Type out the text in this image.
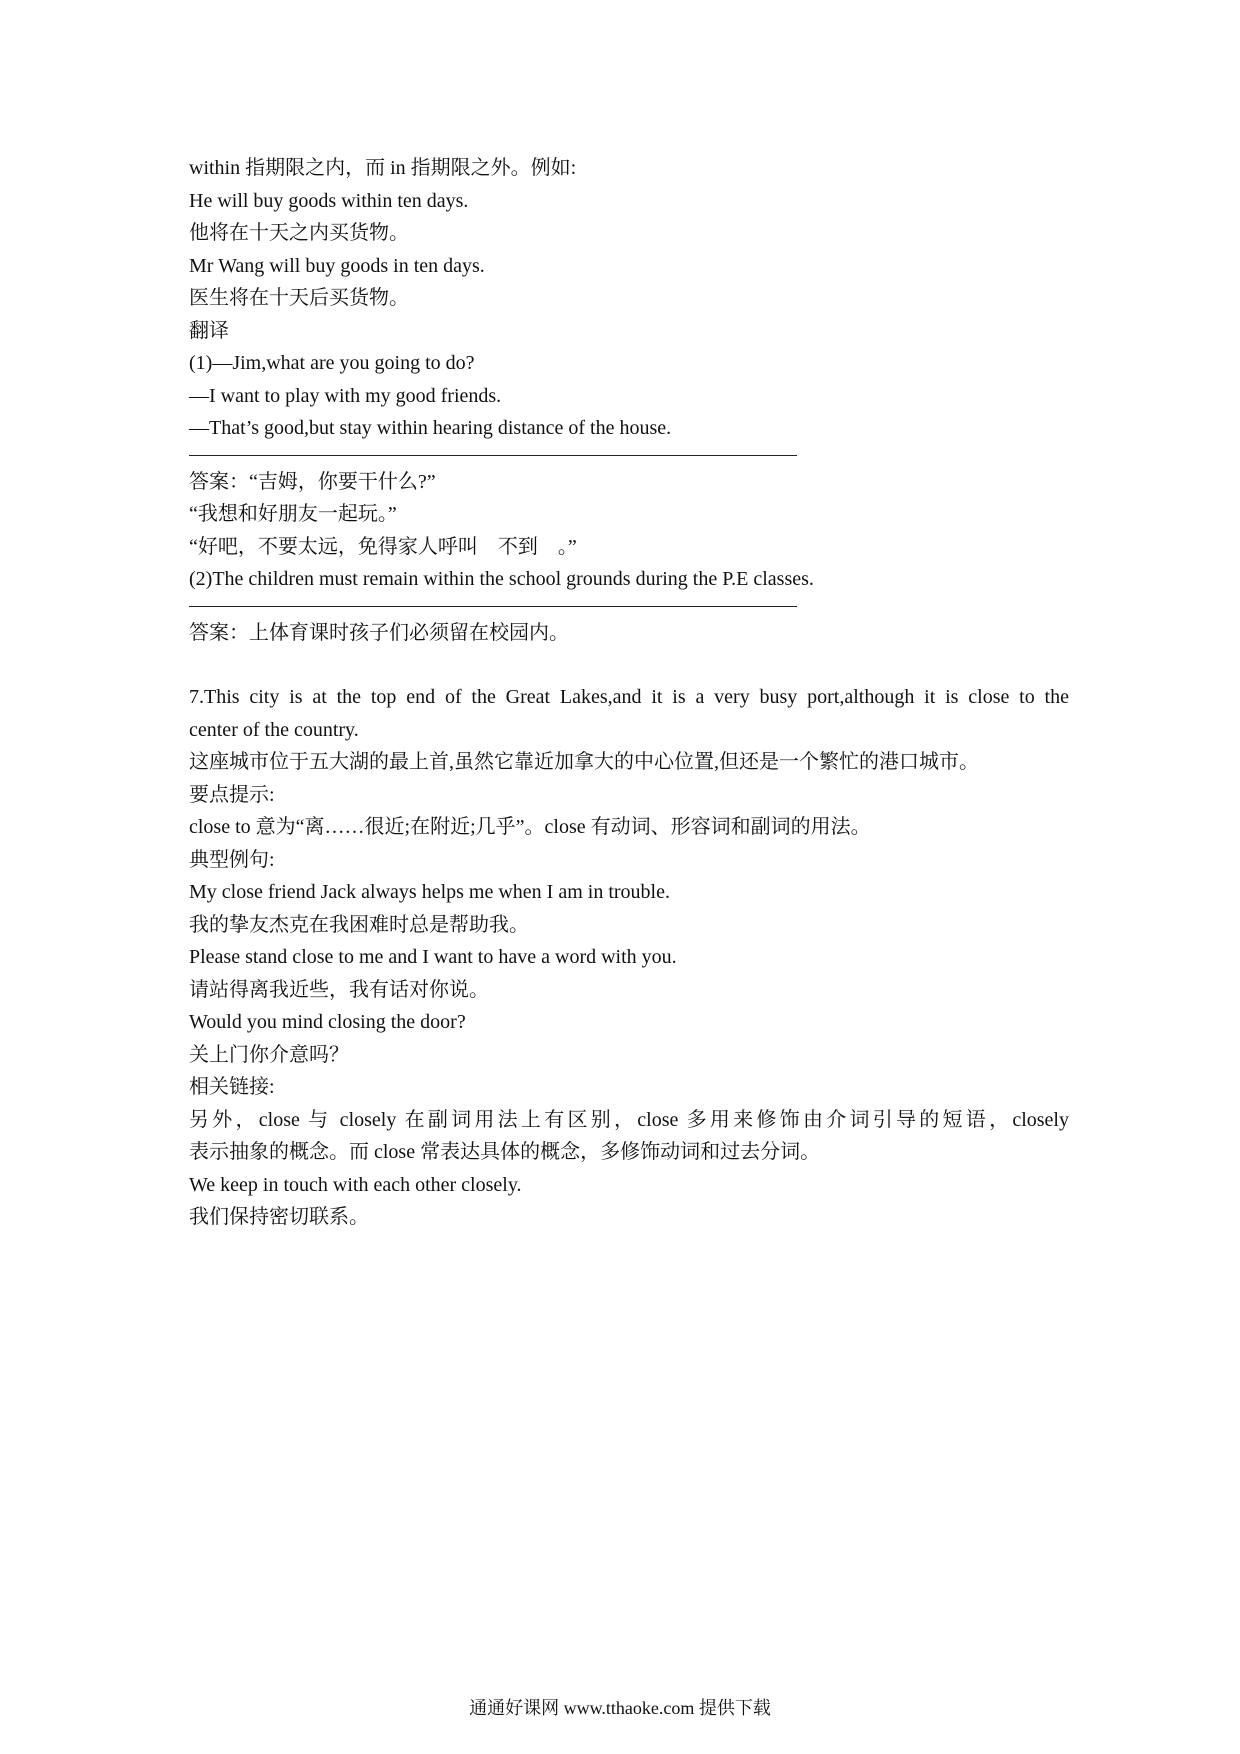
within 指期限之内，而 in 指期限之外。例如:
He will buy goods within ten days.
他将在十天之内买货物。
Mr Wang will buy goods in ten days.
医生将在十天后买货物。
翻译
(1)—Jim,what are you going to do?
—I want to play with my good friends.
—That’s good,but stay within hearing distance of the house.
答案：“吉姆，你要干什么?”
“我想和好朋友一起玩。”
“好吧，不要太远，免得家人呼叫　不到　。”
(2)The children must remain within the school grounds during the P.E classes.
答案：上体育课时孩子们必须留在校园内。
7.This city is at the top end of the Great Lakes,and it is a very busy port,although it is close to the
center of the country.
这座城市位于五大湖的最上首,虽然它靠近加拿大的中心位置,但还是一个繁忙的港口城市。
要点提示:
close to 意为“离……很近;在附近;几乎”。close 有动词、形容词和副词的用法。
典型例句:
My close friend Jack always helps me when I am in trouble.
我的挚友杰克在我困难时总是帮助我。
Please stand close to me and I want to have a word with you.
请站得离我近些，我有话对你说。
Would you mind closing the door?
关上门你介意吗？
相关链接:
另外，close 与 closely 在副词用法上有区别，close 多用来修饰由介词引导的短语，closely
表示抽象的概念。而 close 常表达具体的概念，多修饰动词和过去分词。
We keep in touch with each other closely.
我们保持密切联系。
通通好课网 www.tthaoke.com 提供下载
